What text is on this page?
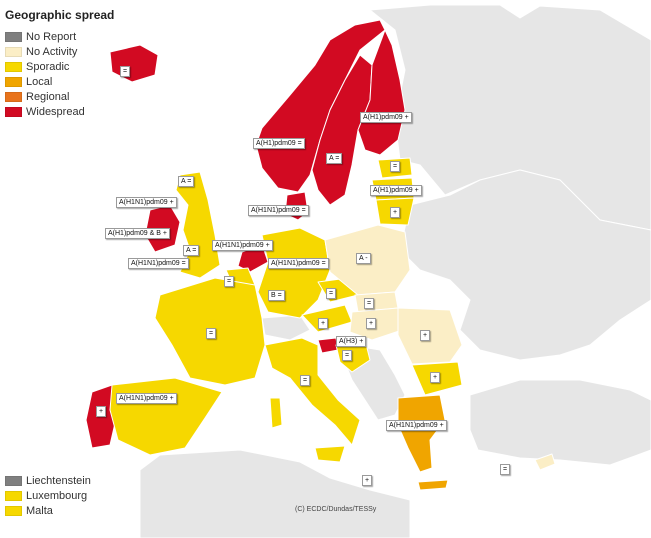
Geographic spread
No Report
No Activity
Sporadic
Local
Regional
Widespread
Liechtenstein
Luxembourg
Malta	(C) ECDC/Dundas/TESSy
A(H1)pdm09 =
A(H1)pdm09 +
A =
=
=
A(H1)pdm09 +
+
A =
A(H1N1)pdm09 +
A(H1)pdm09 & B +
A =
A(H1N1)pdm09 =
A(H1N1)pdm09 +
=
A(H1N1)pdm09 =
A(H1N1)pdm09 =
A -
=
B =	=
=
+	+
+
A(H3) +
=
+
=
A(H1N1)pdm09 +
+
A(H1N1)pdm09 +
=
+
